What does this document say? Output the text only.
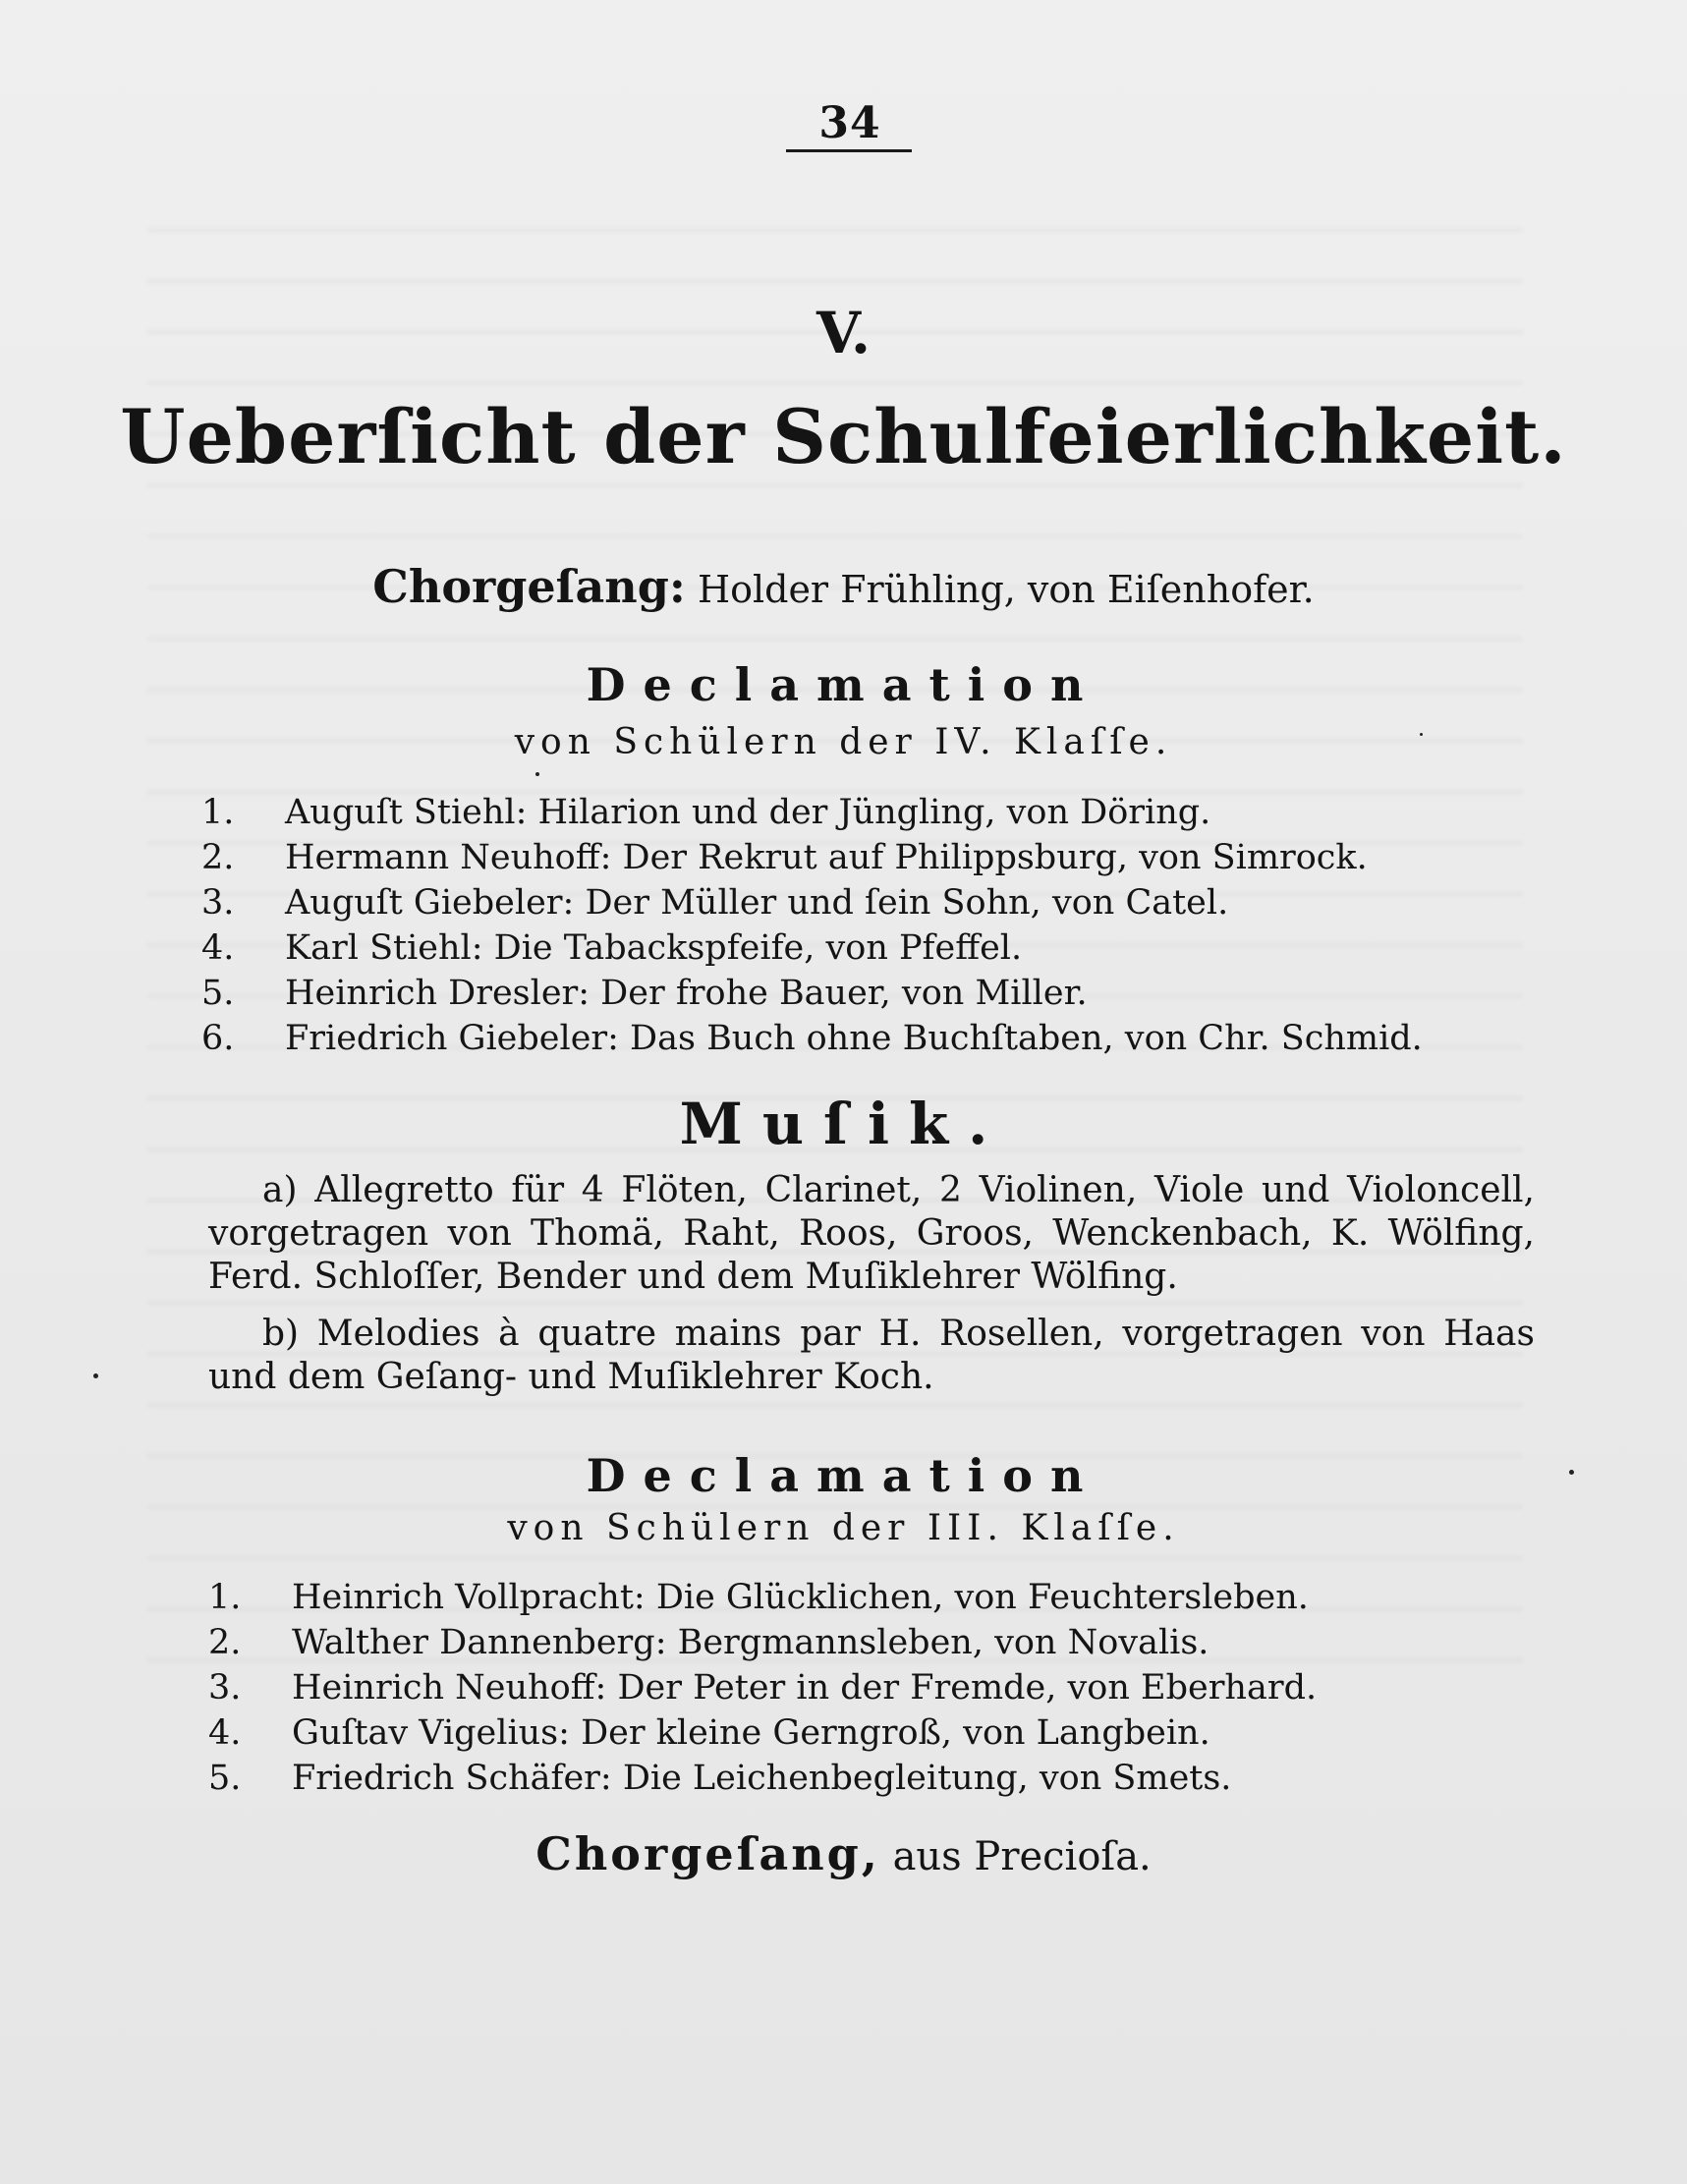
34
V.
Ueberſicht der Schulfeierlichkeit.
Chorgeſang: Holder Frühling, von Eiſenhofer.
Declamation
von Schülern der IV. Klaſſe.
1.	Auguſt Stiehl: Hilarion und der Jüngling, von Döring.
2.	Hermann Neuhoff: Der Rekrut auf Philippsburg, von Simrock.
3.	Auguſt Giebeler: Der Müller und ſein Sohn, von Catel.
4.	Karl Stiehl: Die Tabackspfeife, von Pfeffel.
5.	Heinrich Dresler: Der frohe Bauer, von Miller.
6.	Friedrich Giebeler: Das Buch ohne Buchſtaben, von Chr. Schmid.
Muſik.

a) Allegretto für 4 Flöten, Clarinet, 2 Violinen, Viole und Violoncell, vorgetragen von Thomä, Raht, Roos, Groos, Wenckenbach, K. Wölfing, Ferd. Schloſſer, Bender und dem Muſiklehrer Wölfing.

b) Melodies à quatre mains par H. Rosellen, vorgetragen von Haas und dem Geſang- und Muſiklehrer Koch.

Declamation
von Schülern der III. Klaſſe.
1.	Heinrich Vollpracht: Die Glücklichen, von Feuchtersleben.
2.	Walther Dannenberg: Bergmannsleben, von Novalis.
3.	Heinrich Neuhoff: Der Peter in der Fremde, von Eberhard.
4.	Guſtav Vigelius: Der kleine Gerngroß, von Langbein.
5.	Friedrich Schäfer: Die Leichenbegleitung, von Smets.
Chorgeſang, aus Precioſa.
